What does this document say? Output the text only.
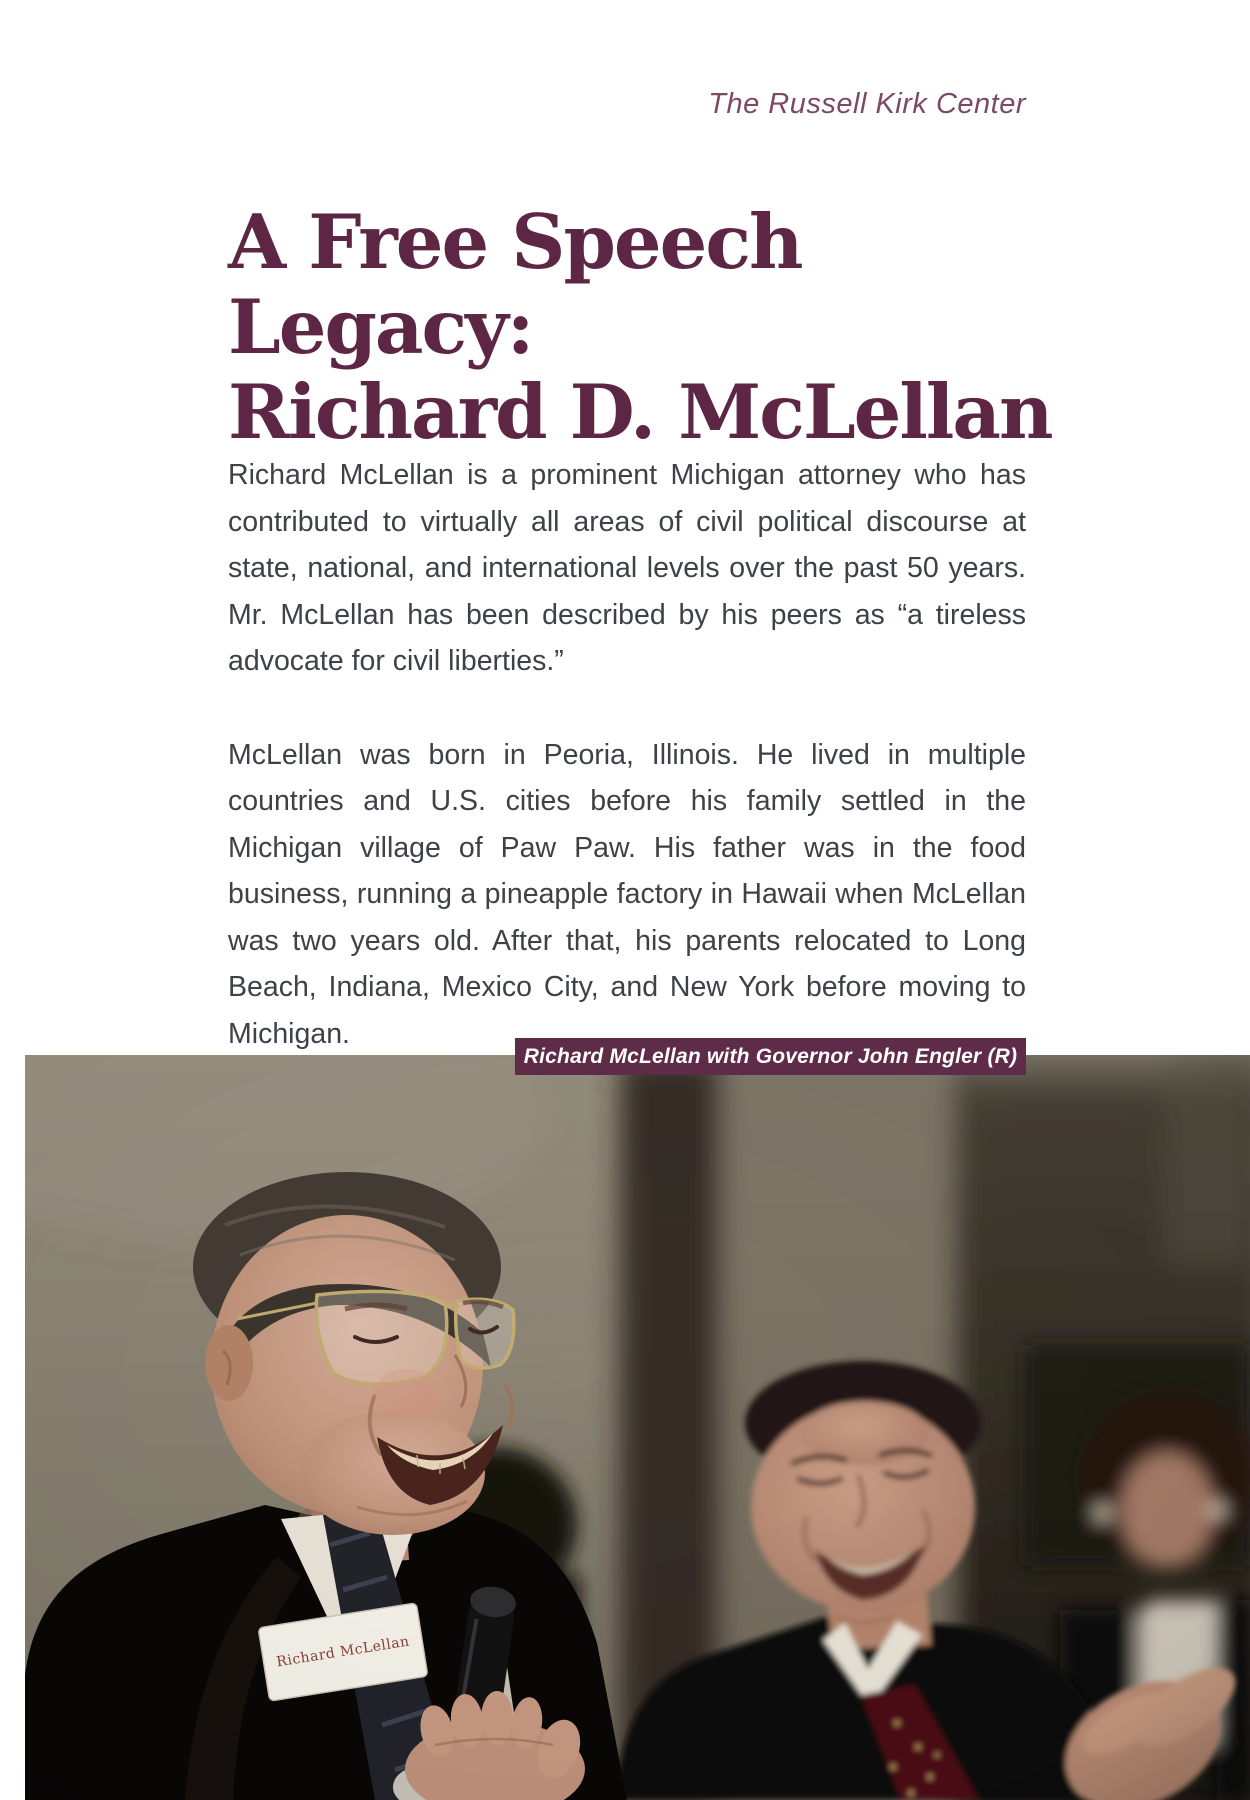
The Russell Kirk Center
A Free Speech
Legacy:
Richard D. McLellan

Richard McLellan is a prominent Michigan attorney who has contributed to virtually all areas of civil political discourse at state, national, and international levels over the past 50 years. Mr. McLellan has been described by his peers as “a tireless advocate for civil liberties.”

McLellan was born in Peoria, Illinois. He lived in multiple countries and U.S. cities before his family settled in the Michigan village of Paw Paw. His father was in the food business, running a pineapple factory in Hawaii when McLellan was two years old. After that, his parents relocated to Long Beach, Indiana, Mexico City, and New York before moving to Michigan.

Richard McLellan with Governor John Engler (R)
